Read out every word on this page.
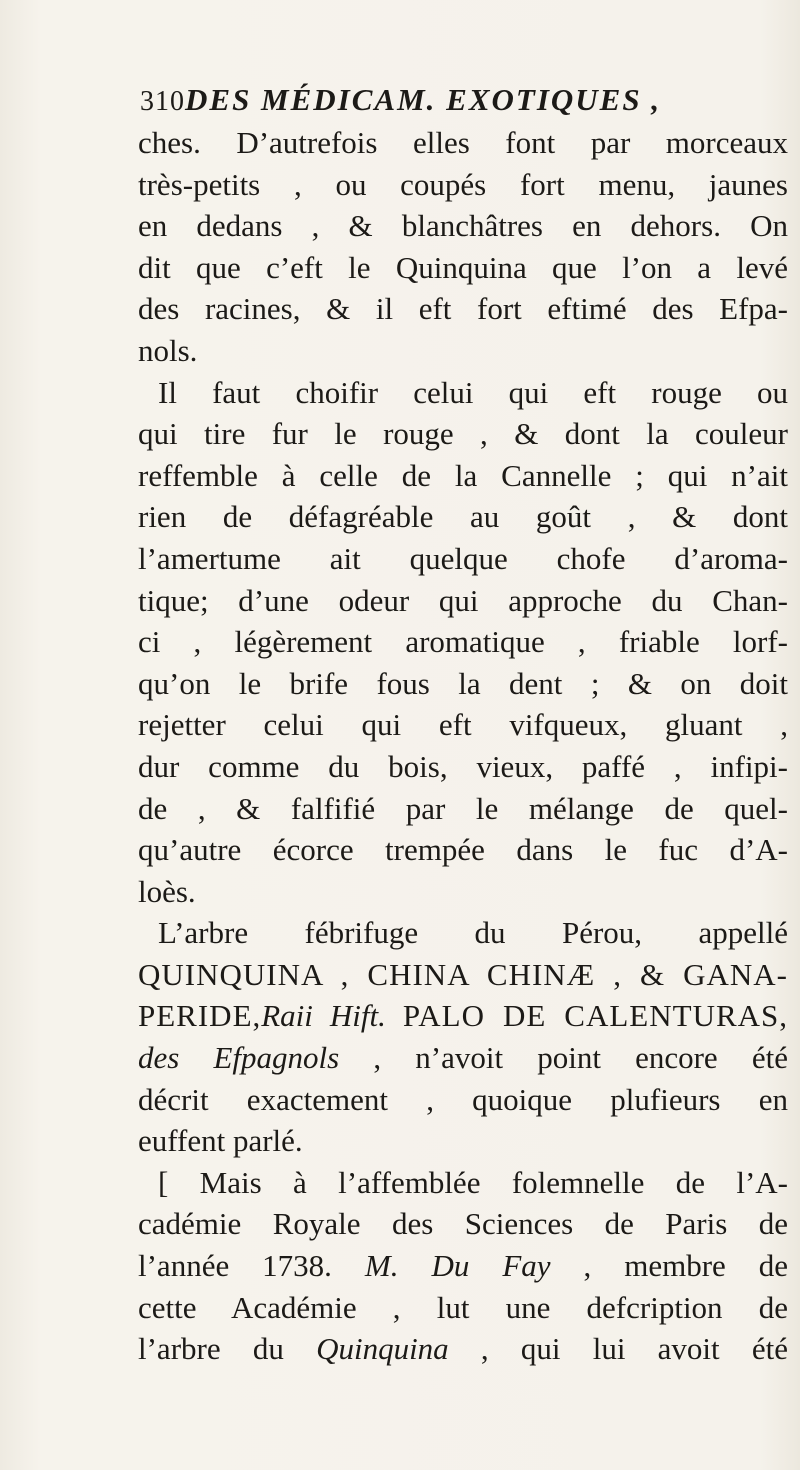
310DES MÉDICAM. EXOTIQUES ,
ches. D’autrefois elles font par morceaux
très-petits , ou coupés fort menu, jaunes
en dedans , & blanchâtres en dehors. On
dit que c’eft le Quinquina que l’on a levé
des racines, & il eft fort eftimé des Efpa-
nols.
Il faut choifir celui qui eft rouge ou
qui tire fur le rouge , & dont la couleur
reffemble à celle de la Cannelle ; qui n’ait
rien de défagréable au goût , & dont
l’amertume ait quelque chofe d’aroma-
tique; d’une odeur qui approche du Chan-
ci , légèrement aromatique , friable lorf-
qu’on le brife fous la dent ; & on doit
rejetter celui qui eft vifqueux, gluant ,
dur comme du bois, vieux, paffé , infipi-
de , & falfifié par le mélange de quel-
qu’autre écorce trempée dans le fuc d’A-
loès.
L’arbre fébrifuge du Pérou, appellé
QUINQUINA , CHINA CHINÆ , & GANA-
PERIDE,Raii Hift. PALO DE CALENTURAS,
des Efpagnols , n’avoit point encore été
décrit exactement , quoique plufieurs en
euffent parlé.
[ Mais à l’affemblée folemnelle de l’A-
cadémie Royale des Sciences de Paris de
l’année 1738. M. Du Fay , membre de
cette Académie , lut une defcription de
l’arbre du Quinquina , qui lui avoit été
